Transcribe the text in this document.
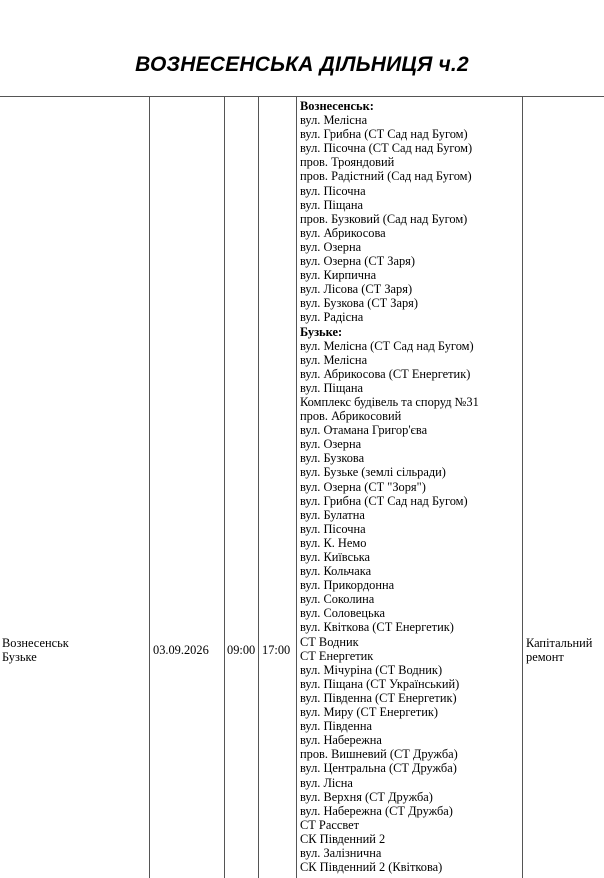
ВОЗНЕСЕНСЬКА ДІЛЬНИЦЯ ч.2
Вознесенськ
Бузьке
03.09.2026 09:00 17:00
Вознесенськ:
вул. Мелісна
вул. Грибна (СТ Сад над Бугом)
вул. Пісочна (СТ Сад над Бугом)
пров. Трояндовий
пров. Радістний (Сад над Бугом)
вул. Пісочна
вул. Піщана
пров. Бузковий (Сад над Бугом)
вул. Абрикосова
вул. Озерна
вул. Озерна (СТ Заря)
вул. Кирпична
вул. Лісова (СТ Заря)
вул. Бузкова (СТ Заря)
вул. Радісна
Бузьке:
вул. Мелісна (СТ Сад над Бугом)
вул. Мелісна
вул. Абрикосова (СТ Енергетик)
вул. Піщана
Комплекс будівель та споруд №31
пров. Абрикосовий
вул. Отамана Григор'єва
вул. Озерна
вул. Бузкова
вул. Бузьке (землі сільради)
вул. Озерна (СТ "Зоря")
вул. Грибна (СТ Сад над Бугом)
вул. Булатна
вул. Пісочна
вул. К. Немо
вул. Київська
вул. Кольчака
вул. Прикордонна
вул. Соколина
вул. Соловецька
вул. Квіткова (СТ Енергетик)
СТ Водник
СТ Енергетик
вул. Мічуріна (СТ Водник)
вул. Піщана (СТ Український)
вул. Південна (СТ Енергетик)
вул. Миру (СТ Енергетик)
вул. Південна
вул. Набережна
пров. Вишневий (СТ Дружба)
вул. Центральна (СТ Дружба)
вул. Лісна
вул. Верхня (СТ Дружба)
вул. Набережна (СТ Дружба)
СТ Рассвет
СК Південний 2
вул. Залізнична
СК Південний 2 (Квіткова)
Капітальний
ремонт
